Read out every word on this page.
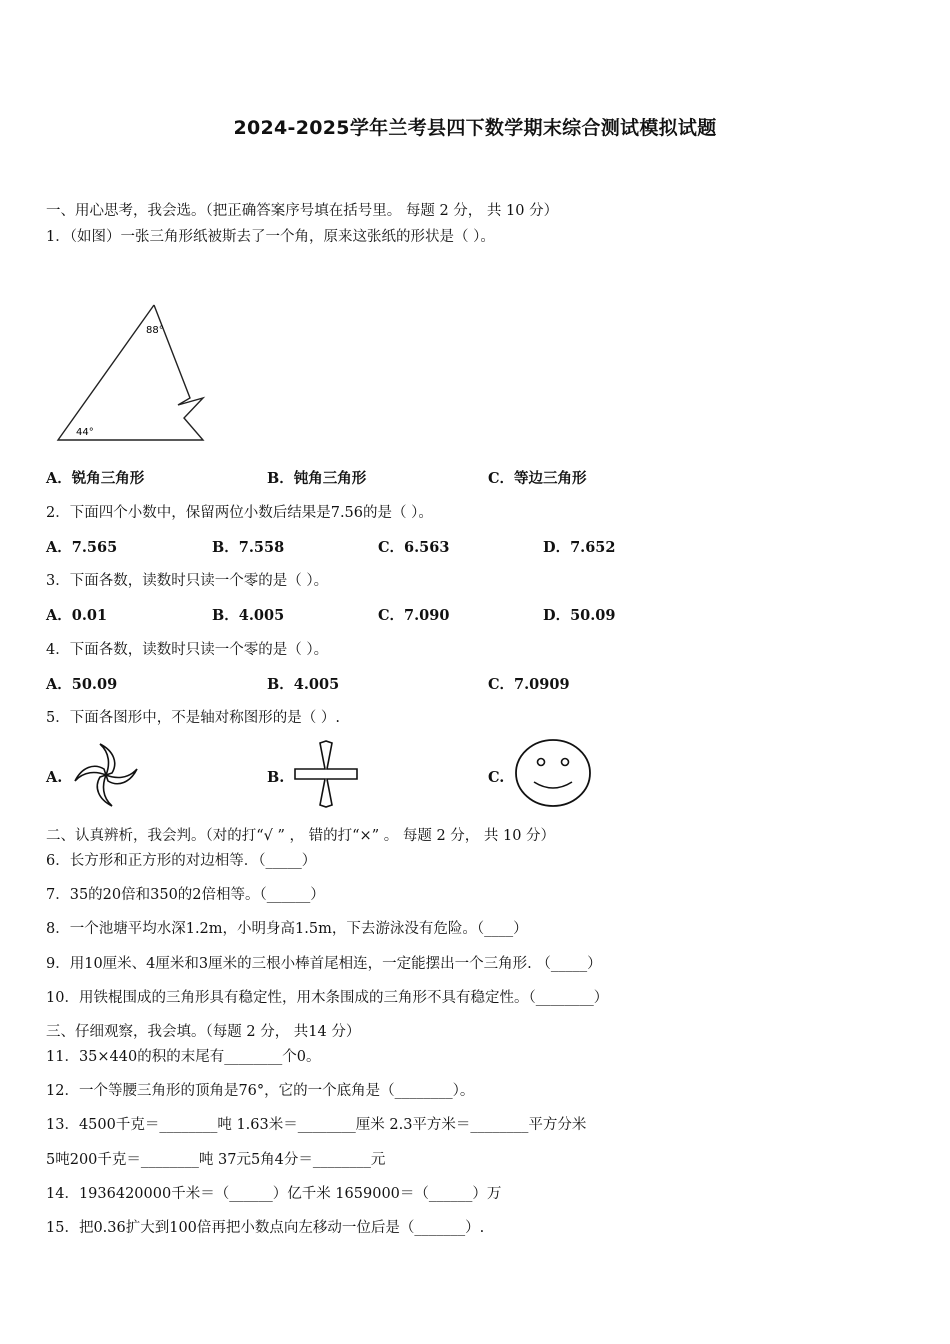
2024-2025学年兰考县四下数学期末综合测试模拟试题
一、用心思考，我会选。（把正确答案序号填在括号里。 每题 2 分， 共 10 分）
1．（如图）一张三角形纸被斯去了一个角，原来这张纸的形状是（ ）。
88°
44°
A．锐角三角形	B．钝角三角形	C．等边三角形
2．下面四个小数中，保留两位小数后结果是7.56的是（ ）。
A．7.565	B．7.558	C．6.563	D．7.652
3．下面各数，读数时只读一个零的是（ ）。
A．0.01	B．4.005	C．7.090	D．50.09
4．下面各数，读数时只读一个零的是（ ）。
A．50.09	B．4.005	C．7.0909
5．下面各图形中，不是轴对称图形的是（ ）.
A.	B.	C.
二、认真辨析，我会判。（对的打“√ ” ， 错的打“×” 。 每题 2 分， 共 10 分）
6．长方形和正方形的对边相等．（_____）
7．35的20倍和350的2倍相等。（______）
8．一个池塘平均水深1.2m，小明身高1.5m，下去游泳没有危险。（____）
9．用10厘米、4厘米和3厘米的三根小棒首尾相连，一定能摆出一个三角形. （_____）
10．用铁棍围成的三角形具有稳定性，用木条围成的三角形不具有稳定性。（________）
三、仔细观察，我会填。（每题 2 分， 共14 分）
11．35×440的积的末尾有________个0。
12．一个等腰三角形的顶角是76°，它的一个底角是（________）。
13．4500千克＝________吨 1.63米＝________厘米 2.3平方米＝________平方分米
5吨200千克＝________吨 37元5角4分＝________元
14．1936420000千米＝（______）亿千米 1659000＝（______）万
15．把0.36扩大到100倍再把小数点向左移动一位后是（_______）.
